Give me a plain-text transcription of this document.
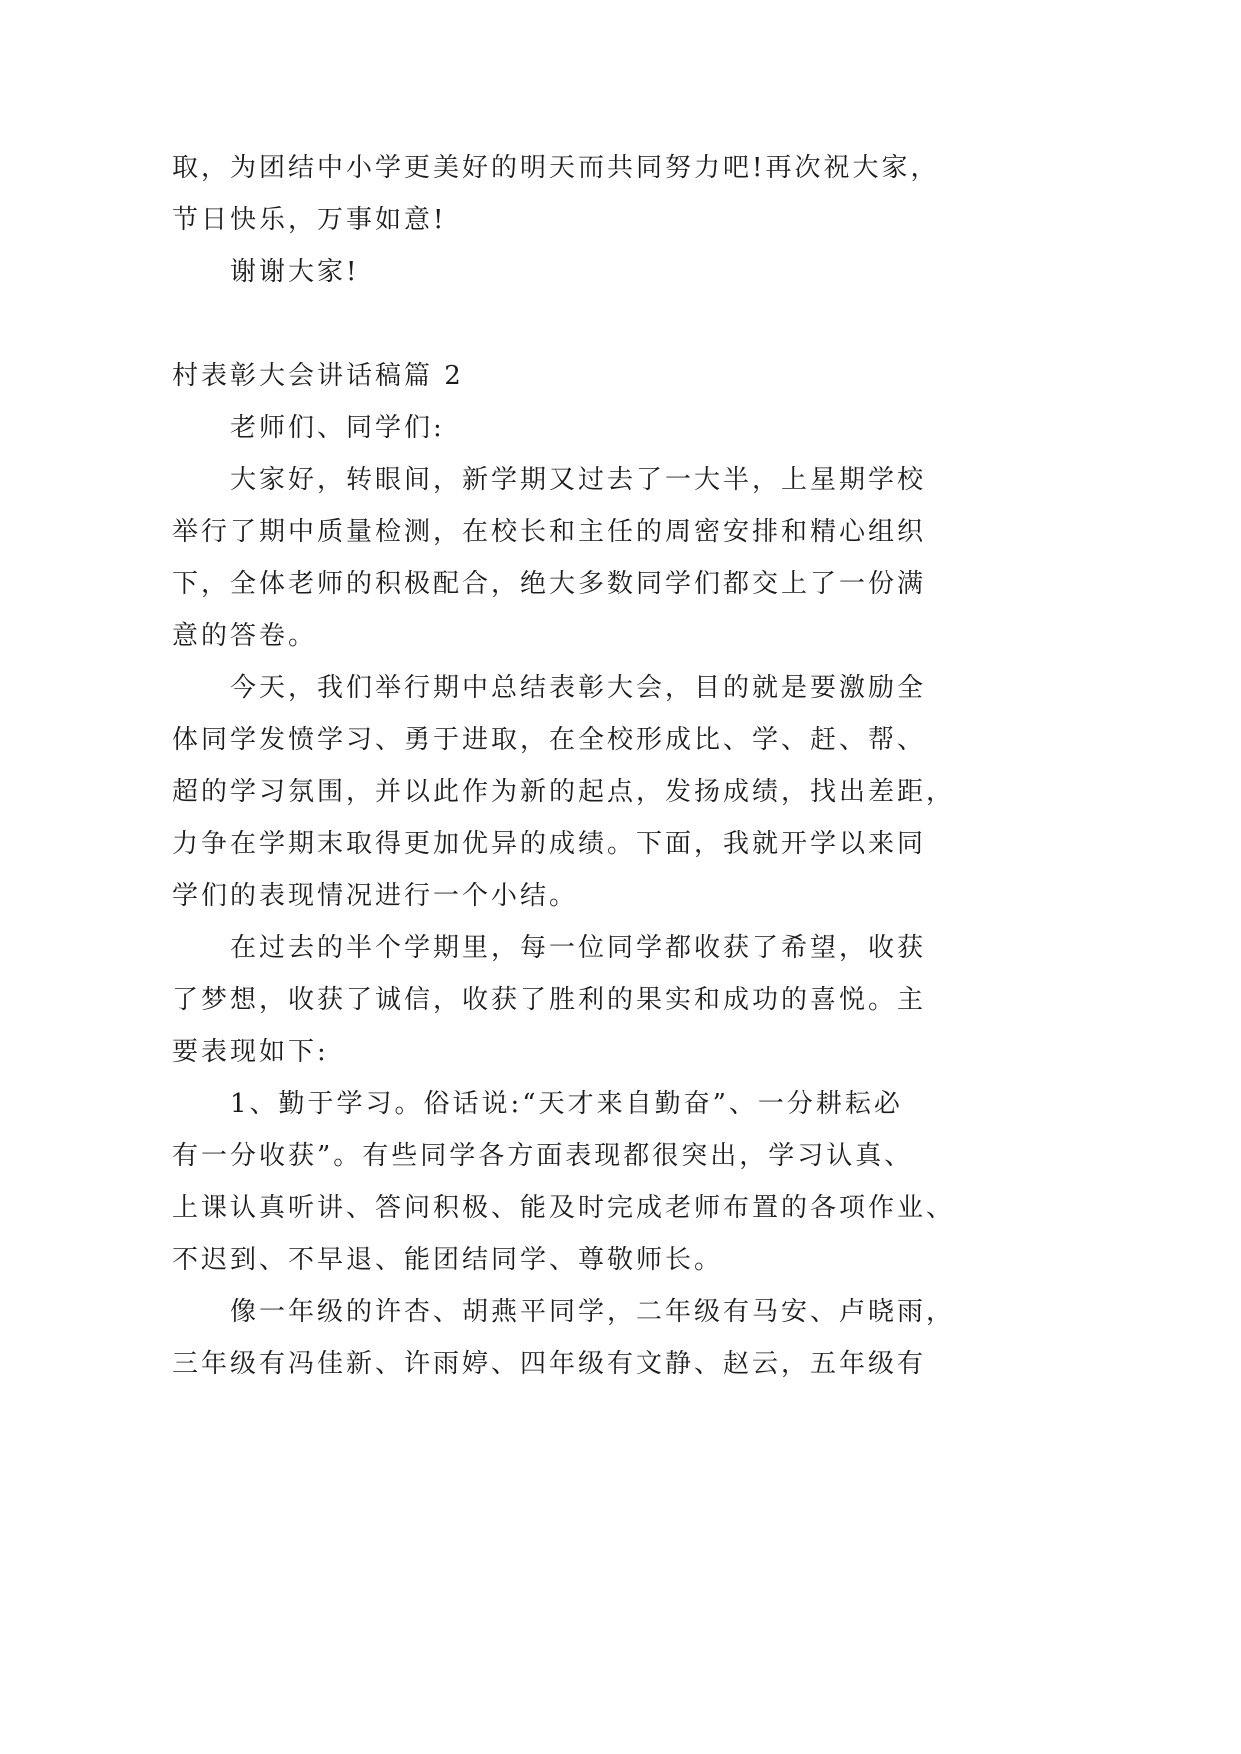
取，为团结中小学更美好的明天而共同努力吧!再次祝大家，
节日快乐，万事如意!
谢谢大家!
村表彰大会讲话稿篇 2
老师们、同学们:
大家好，转眼间，新学期又过去了一大半，上星期学校
举行了期中质量检测，在校长和主任的周密安排和精心组织
下，全体老师的积极配合，绝大多数同学们都交上了一份满
意的答卷。
今天，我们举行期中总结表彰大会，目的就是要激励全
体同学发愤学习、勇于进取，在全校形成比、学、赶、帮、
超的学习氛围，并以此作为新的起点，发扬成绩，找出差距，
力争在学期末取得更加优异的成绩。下面，我就开学以来同
学们的表现情况进行一个小结。
在过去的半个学期里，每一位同学都收获了希望，收获
了梦想，收获了诚信，收获了胜利的果实和成功的喜悦。主
要表现如下:
1、勤于学习。俗话说:“天才来自勤奋”、一分耕耘必
有一分收获”。有些同学各方面表现都很突出，学习认真、
上课认真听讲、答问积极、能及时完成老师布置的各项作业、
不迟到、不早退、能团结同学、尊敬师长。
像一年级的许杏、胡燕平同学，二年级有马安、卢晓雨，
三年级有冯佳新、许雨婷、四年级有文静、赵云，五年级有
